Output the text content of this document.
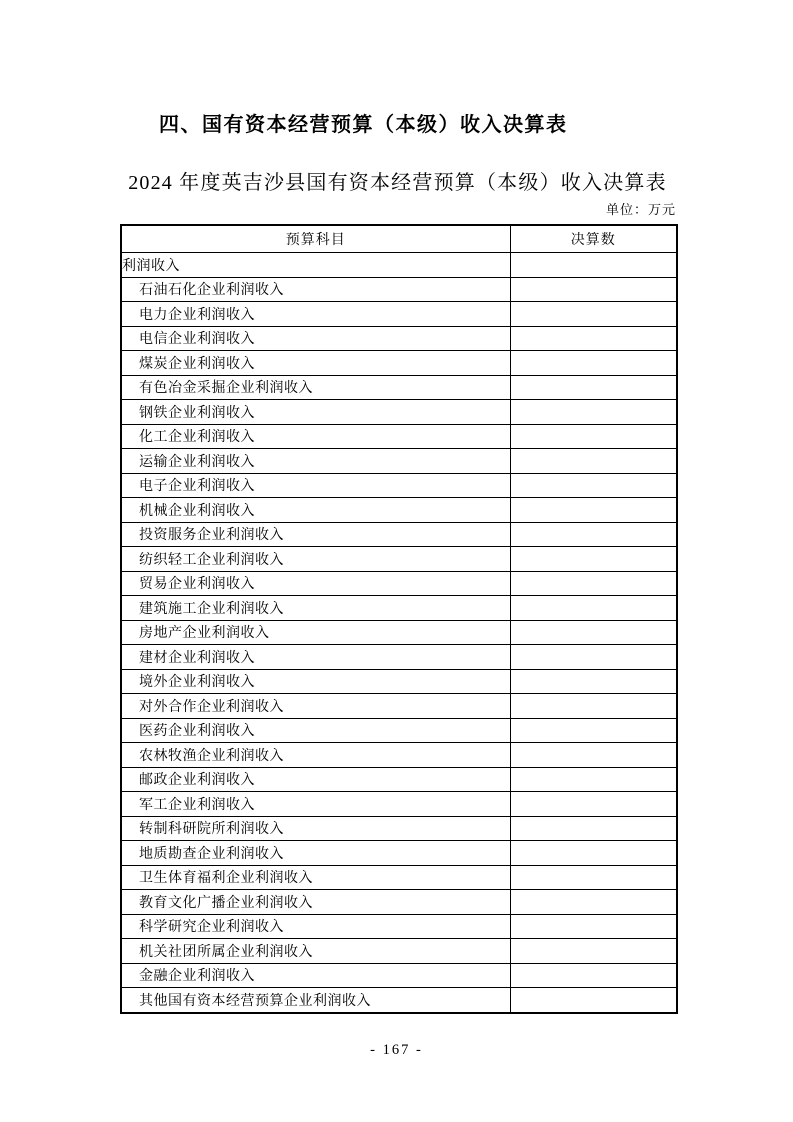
四、国有资本经营预算（本级）收入决算表
2024 年度英吉沙县国有资本经营预算（本级）收入决算表
单位：万元
预算科目	决算数
利润收入	
石油石化企业利润收入	
电力企业利润收入	
电信企业利润收入	
煤炭企业利润收入	
有色冶金采掘企业利润收入	
钢铁企业利润收入	
化工企业利润收入	
运输企业利润收入	
电子企业利润收入	
机械企业利润收入	
投资服务企业利润收入	
纺织轻工企业利润收入	
贸易企业利润收入	
建筑施工企业利润收入	
房地产企业利润收入	
建材企业利润收入	
境外企业利润收入	
对外合作企业利润收入	
医药企业利润收入	
农林牧渔企业利润收入	
邮政企业利润收入	
军工企业利润收入	
转制科研院所利润收入	
地质勘查企业利润收入	
卫生体育福利企业利润收入	
教育文化广播企业利润收入	
科学研究企业利润收入	
机关社团所属企业利润收入	
金融企业利润收入	
其他国有资本经营预算企业利润收入	
- 167 -
